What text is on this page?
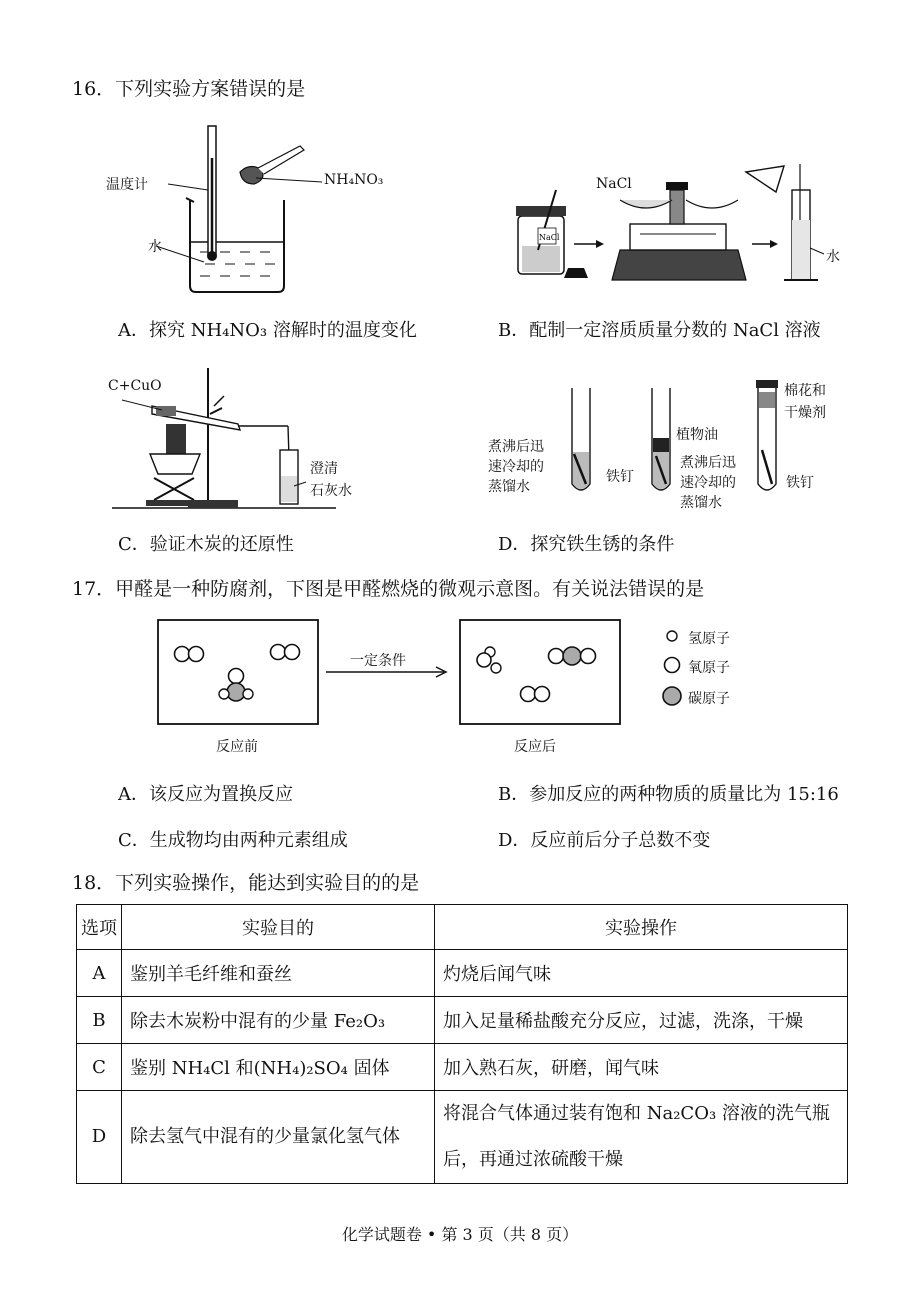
16．下列实验方案错误的是
温度计
水
NH₄NO₃
A．探究 NH₄NO₃ 溶解时的温度变化
NaCl
NaCl
水
B．配制一定溶质质量分数的 NaCl 溶液
C+CuO
澄清
石灰水
C．验证木炭的还原性
棉花和
干燥剂
植物油
煮沸后迅
速冷却的
蒸馏水
煮沸后迅
速冷却的
蒸馏水
铁钉	铁钉
D．探究铁生锈的条件
17．甲醛是一种防腐剂，下图是甲醛燃烧的微观示意图。有关说法错误的是
一定条件
反应前	反应后
氢原子
氧原子
碳原子
A．该反应为置换反应	B．参加反应的两种物质的质量比为 15:16
C．生成物均由两种元素组成	D．反应前后分子总数不变
18．下列实验操作，能达到实验目的的是
选项	实验目的	实验操作
A	鉴别羊毛纤维和蚕丝	灼烧后闻气味
B	除去木炭粉中混有的少量 Fe₂O₃	加入足量稀盐酸充分反应，过滤，洗涤，干燥
C	鉴别 NH₄Cl 和(NH₄)₂SO₄ 固体	加入熟石灰，研磨，闻气味
D	除去氢气中混有的少量氯化氢气体	将混合气体通过装有饱和 Na₂CO₃ 溶液的洗气瓶后，再通过浓硫酸干燥
化学试题卷 • 第 3 页（共 8 页）
